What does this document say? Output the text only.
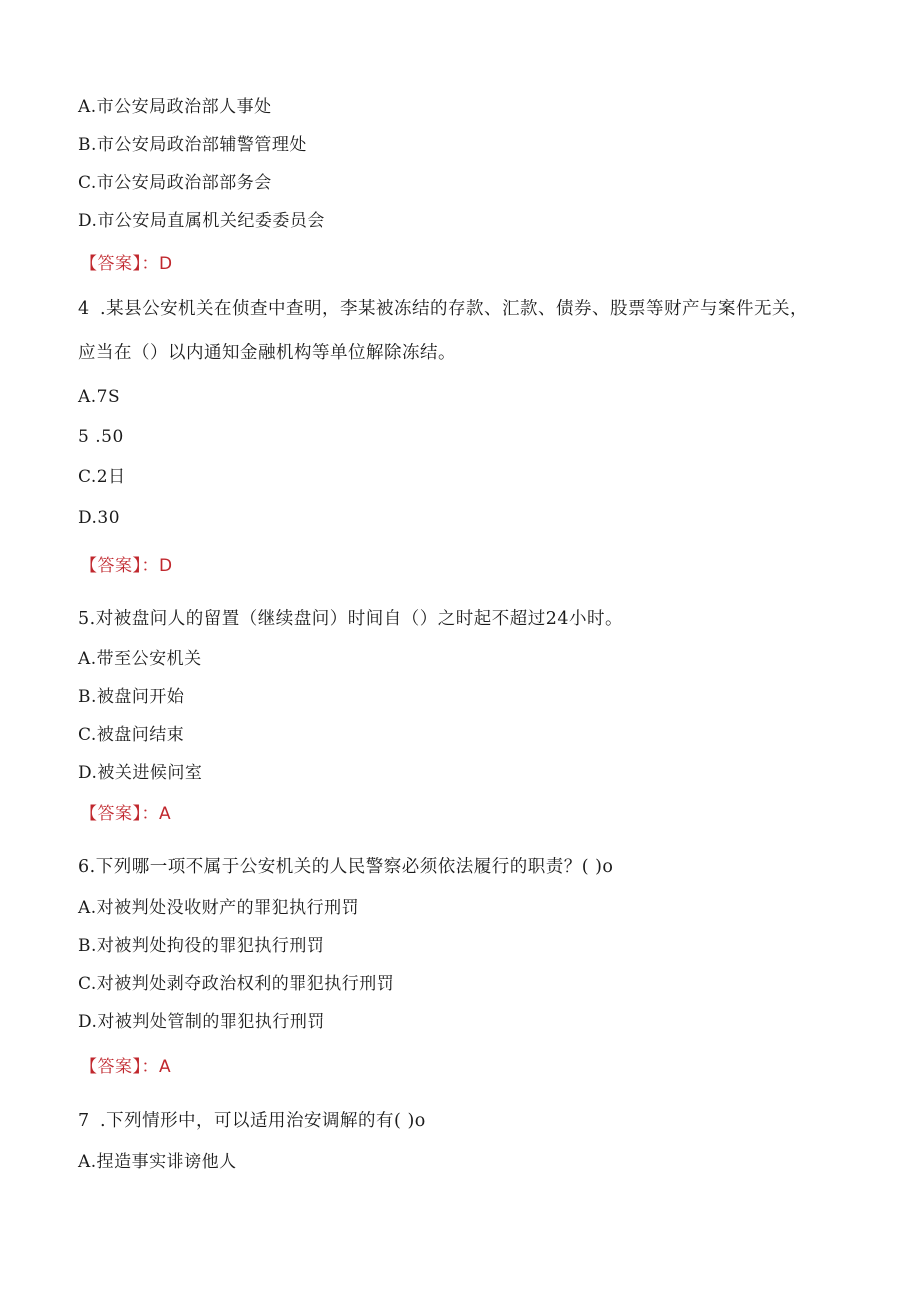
A.市公安局政治部人事处
B.市公安局政治部辅警管理处
C.市公安局政治部部务会
D.市公安局直属机关纪委委员会
【答案】：D
4 .某县公安机关在侦查中查明，李某被冻结的存款、汇款、债券、股票等财产与案件无关，
应当在（）以内通知金融机构等单位解除冻结。
A.7S
5 .50
C.2日
D.30
【答案】：D
5.对被盘问人的留置（继续盘问）时间自（）之时起不超过24小时。
A.带至公安机关
B.被盘问开始
C.被盘问结束
D.被关进候问室
【答案】：A
6.下列哪一项不属于公安机关的人民警察必须依法履行的职责？( )o
A.对被判处没收财产的罪犯执行刑罚
B.对被判处拘役的罪犯执行刑罚
C.对被判处剥夺政治权利的罪犯执行刑罚
D.对被判处管制的罪犯执行刑罚
【答案】：A
7 .下列情形中，可以适用治安调解的有( )o
A.捏造事实诽谤他人
